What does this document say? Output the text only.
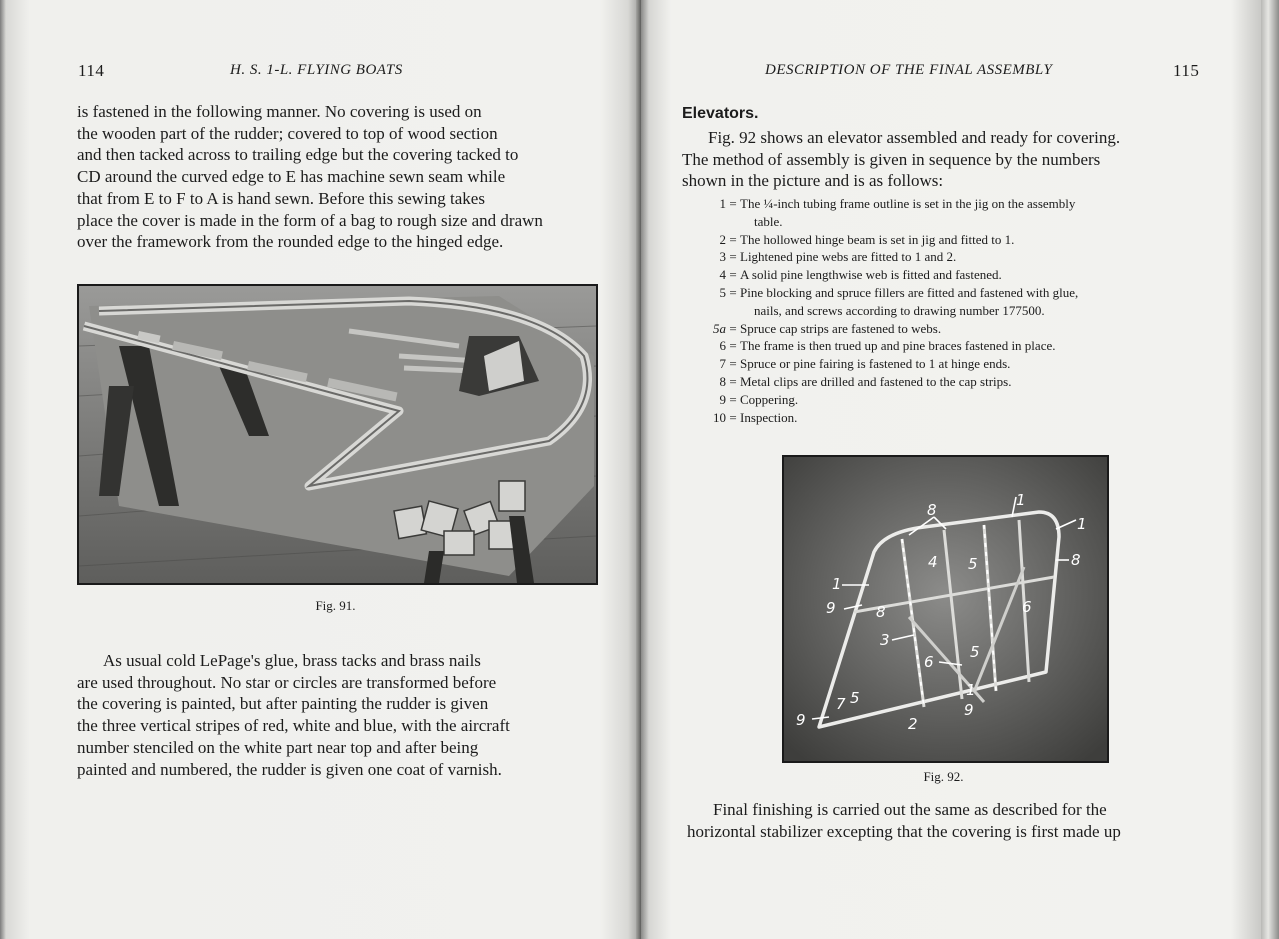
114	H. S. 1-L. FLYING BOATS

is fastened in the following manner. No covering is used on

the wooden part of the rudder; covered to top of wood section

and then tacked across to trailing edge but the covering tacked to

CD around the curved edge to E has machine sewn seam while

that from E to F to A is hand sewn. Before this sewing takes

place the cover is made in the form of a bag to rough size and drawn

over the framework from the rounded edge to the hinged edge.

Fig. 91.

As usual cold LePage's glue, brass tacks and brass nails

are used throughout. No star or circles are transformed before

the covering is painted, but after painting the rudder is given

the three vertical stripes of red, white and blue, with the aircraft

number stenciled on the white part near top and after being

painted and numbered, the rudder is given one coat of varnish.

DESCRIPTION OF THE FINAL ASSEMBLY	115
Elevators.

Fig. 92 shows an elevator assembled and ready for covering.

The method of assembly is given in sequence by the numbers

shown in the picture and is as follows:

1 = The ¼-inch tubing frame outline is set in the jig on the assembly
table.
2 = The hollowed hinge beam is set in jig and fitted to 1.
3 = Lightened pine webs are fitted to 1 and 2.
4 = A solid pine lengthwise web is fitted and fastened.
5 = Pine blocking and spruce fillers are fitted and fastened with glue,
nails, and screws according to drawing number 177500.
5a = Spruce cap strips are fastened to webs.
6 = The frame is then trued up and pine braces fastened in place.
7 = Spruce or pine fairing is fastened to 1 at hinge ends.
8 = Metal clips are drilled and fastened to the cap strips.
9 = Coppering.
10 = Inspection.
8
1
1
8
4 5
1
9	8	6
3
6
5
1
9
9
7 5
2
Fig. 92.

Final finishing is carried out the same as described for the

horizontal stabilizer excepting that the covering is first made up
